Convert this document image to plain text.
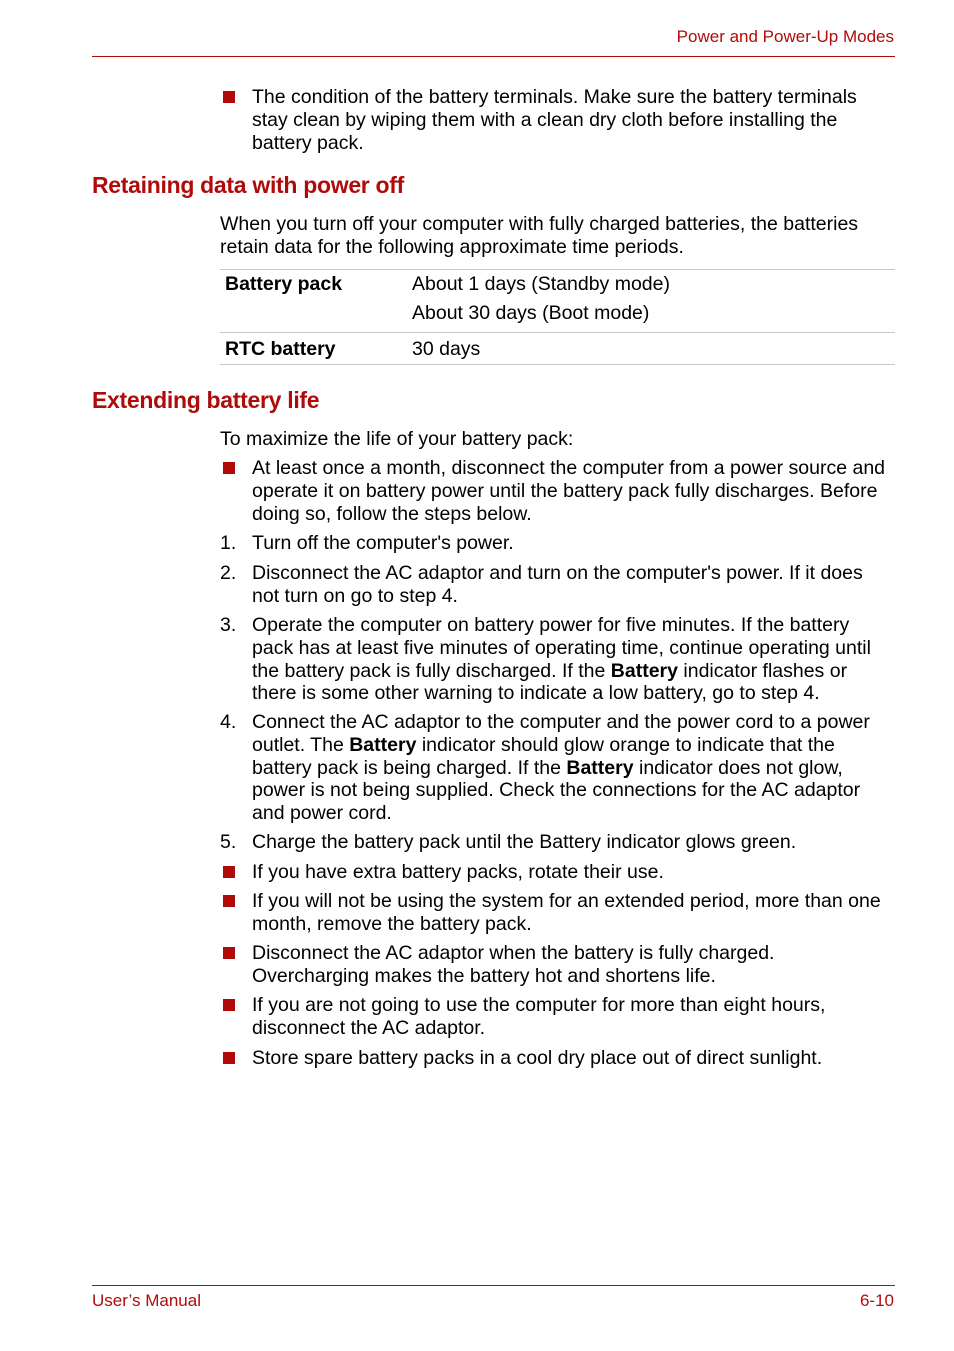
Power and Power-Up Modes
The condition of the battery terminals. Make sure the battery terminals stay clean by wiping them with a clean dry cloth before installing the battery pack.
Retaining data with power off
When you turn off your computer with fully charged batteries, the batteries retain data for the following approximate time periods.
Battery pack	About 1 days (Standby mode)
About 30 days (Boot mode)

RTC battery	30 days
Extending battery life
To maximize the life of your battery pack:
At least once a month, disconnect the computer from a power source and operate it on battery power until the battery pack fully discharges. Before doing so, follow the steps below.
1. Turn off the computer's power.
2. Disconnect the AC adaptor and turn on the computer's power. If it does not turn on go to step 4.
3. Operate the computer on battery power for five minutes. If the battery pack has at least five minutes of operating time, continue operating until the battery pack is fully discharged. If the Battery indicator flashes or there is some other warning to indicate a low battery, go to step 4.
4. Connect the AC adaptor to the computer and the power cord to a power outlet. The Battery indicator should glow orange to indicate that the battery pack is being charged. If the Battery indicator does not glow, power is not being supplied. Check the connections for the AC adaptor and power cord.
5. Charge the battery pack until the Battery indicator glows green.
If you have extra battery packs, rotate their use.
If you will not be using the system for an extended period, more than one month, remove the battery pack.
Disconnect the AC adaptor when the battery is fully charged. Overcharging makes the battery hot and shortens life.
If you are not going to use the computer for more than eight hours, disconnect the AC adaptor.
Store spare battery packs in a cool dry place out of direct sunlight.
User’s Manual	6-10
